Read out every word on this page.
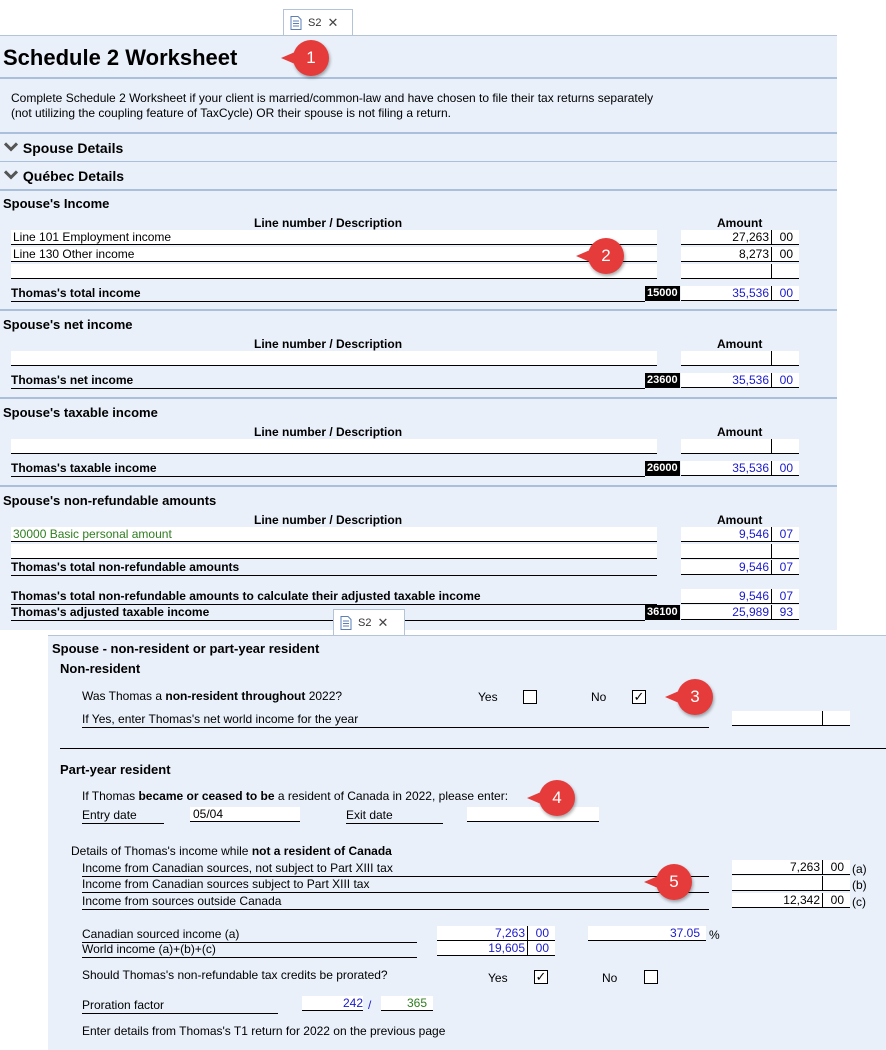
S2 ✕
Schedule 2 Worksheet
Complete Schedule 2 Worksheet if your client is married/common-law and have chosen to file their tax returns separately
(not utilizing the coupling feature of TaxCycle) OR their spouse is not filing a return.
Spouse Details
Québec Details
Spouse's Income
Line number / Description	Amount
Line 101 Employment income	27,263 00
Line 130 Other income	8,273 00
Thomas's total income	15000	35,536 00
Spouse's net income
Line number / Description	Amount
Thomas's net income	23600	35,536 00
Spouse's taxable income
Line number / Description	Amount
Thomas's taxable income	26000	35,536 00
Spouse's non-refundable amounts
Line number / Description	Amount
30000 Basic personal amount	9,546 07
Thomas's total non-refundable amounts	9,546 07
Thomas's total non-refundable amounts to calculate their adjusted taxable income	9,546 07
Thomas's adjusted taxable income	36100	25,989 93
S2 ✕
Spouse - non-resident or part-year resident
Non-resident
Was Thomas a non-resident throughout 2022?	Yes	No ✓
If Yes, enter Thomas's net world income for the year
Part-year resident
If Thomas became or ceased to be a resident of Canada in 2022, please enter:
Entry date	05/04	Exit date
Details of Thomas's income while not a resident of Canada
Income from Canadian sources, not subject to Part XIII tax	7,263 00 (a)
Income from Canadian sources subject to Part XIII tax	(b)
Income from sources outside Canada	12,342 00 (c)
Canadian sourced income (a)	7,263 00	37.05 %
World income (a)+(b)+(c)	19,605 00
Should Thomas's non-refundable tax credits be prorated?	Yes ✓	No
Proration factor	242 /	365
Enter details from Thomas's T1 return for 2022 on the previous page
1
2
3
4
5
